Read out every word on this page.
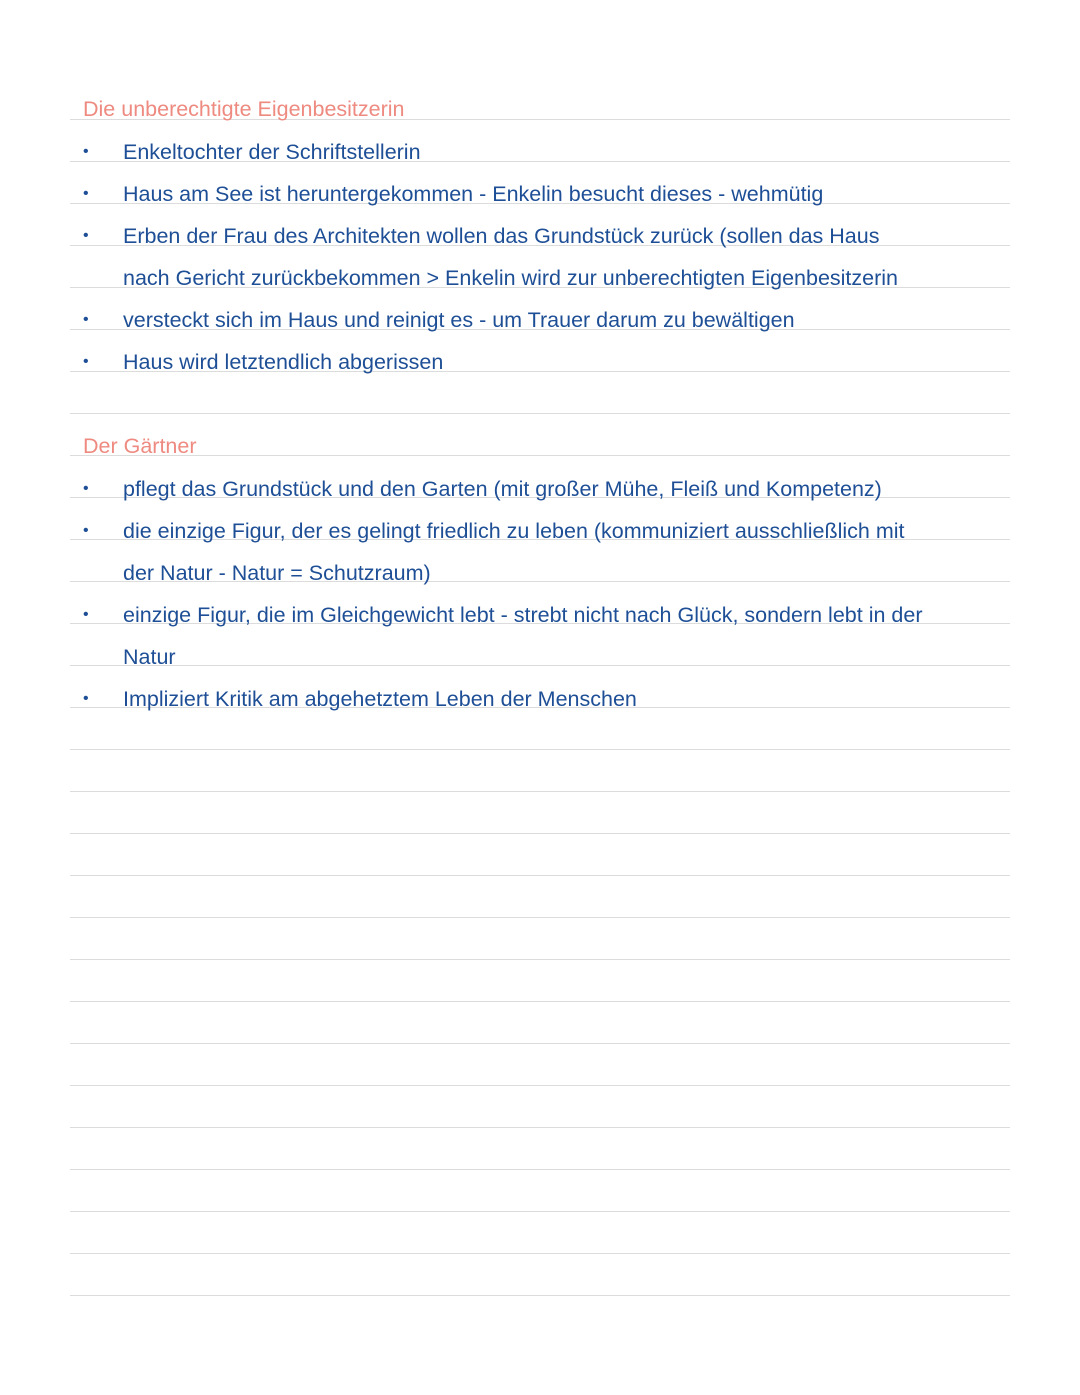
Die unberechtigte Eigenbesitzerin
• Enkeltochter der Schriftstellerin
• Haus am See ist heruntergekommen - Enkelin besucht dieses - wehmütig
• Erben der Frau des Architekten wollen das Grundstück zurück (sollen das Haus
nach Gericht zurückbekommen > Enkelin wird zur unberechtigten Eigenbesitzerin
• versteckt sich im Haus und reinigt es - um Trauer darum zu bewältigen
• Haus wird letztendlich abgerissen
Der Gärtner
• pflegt das Grundstück und den Garten (mit großer Mühe, Fleiß und Kompetenz)
• die einzige Figur, der es gelingt friedlich zu leben (kommuniziert ausschließlich mit
der Natur - Natur = Schutzraum)
• einzige Figur, die im Gleichgewicht lebt - strebt nicht nach Glück, sondern lebt in der
Natur
• Impliziert Kritik am abgehetztem Leben der Menschen
